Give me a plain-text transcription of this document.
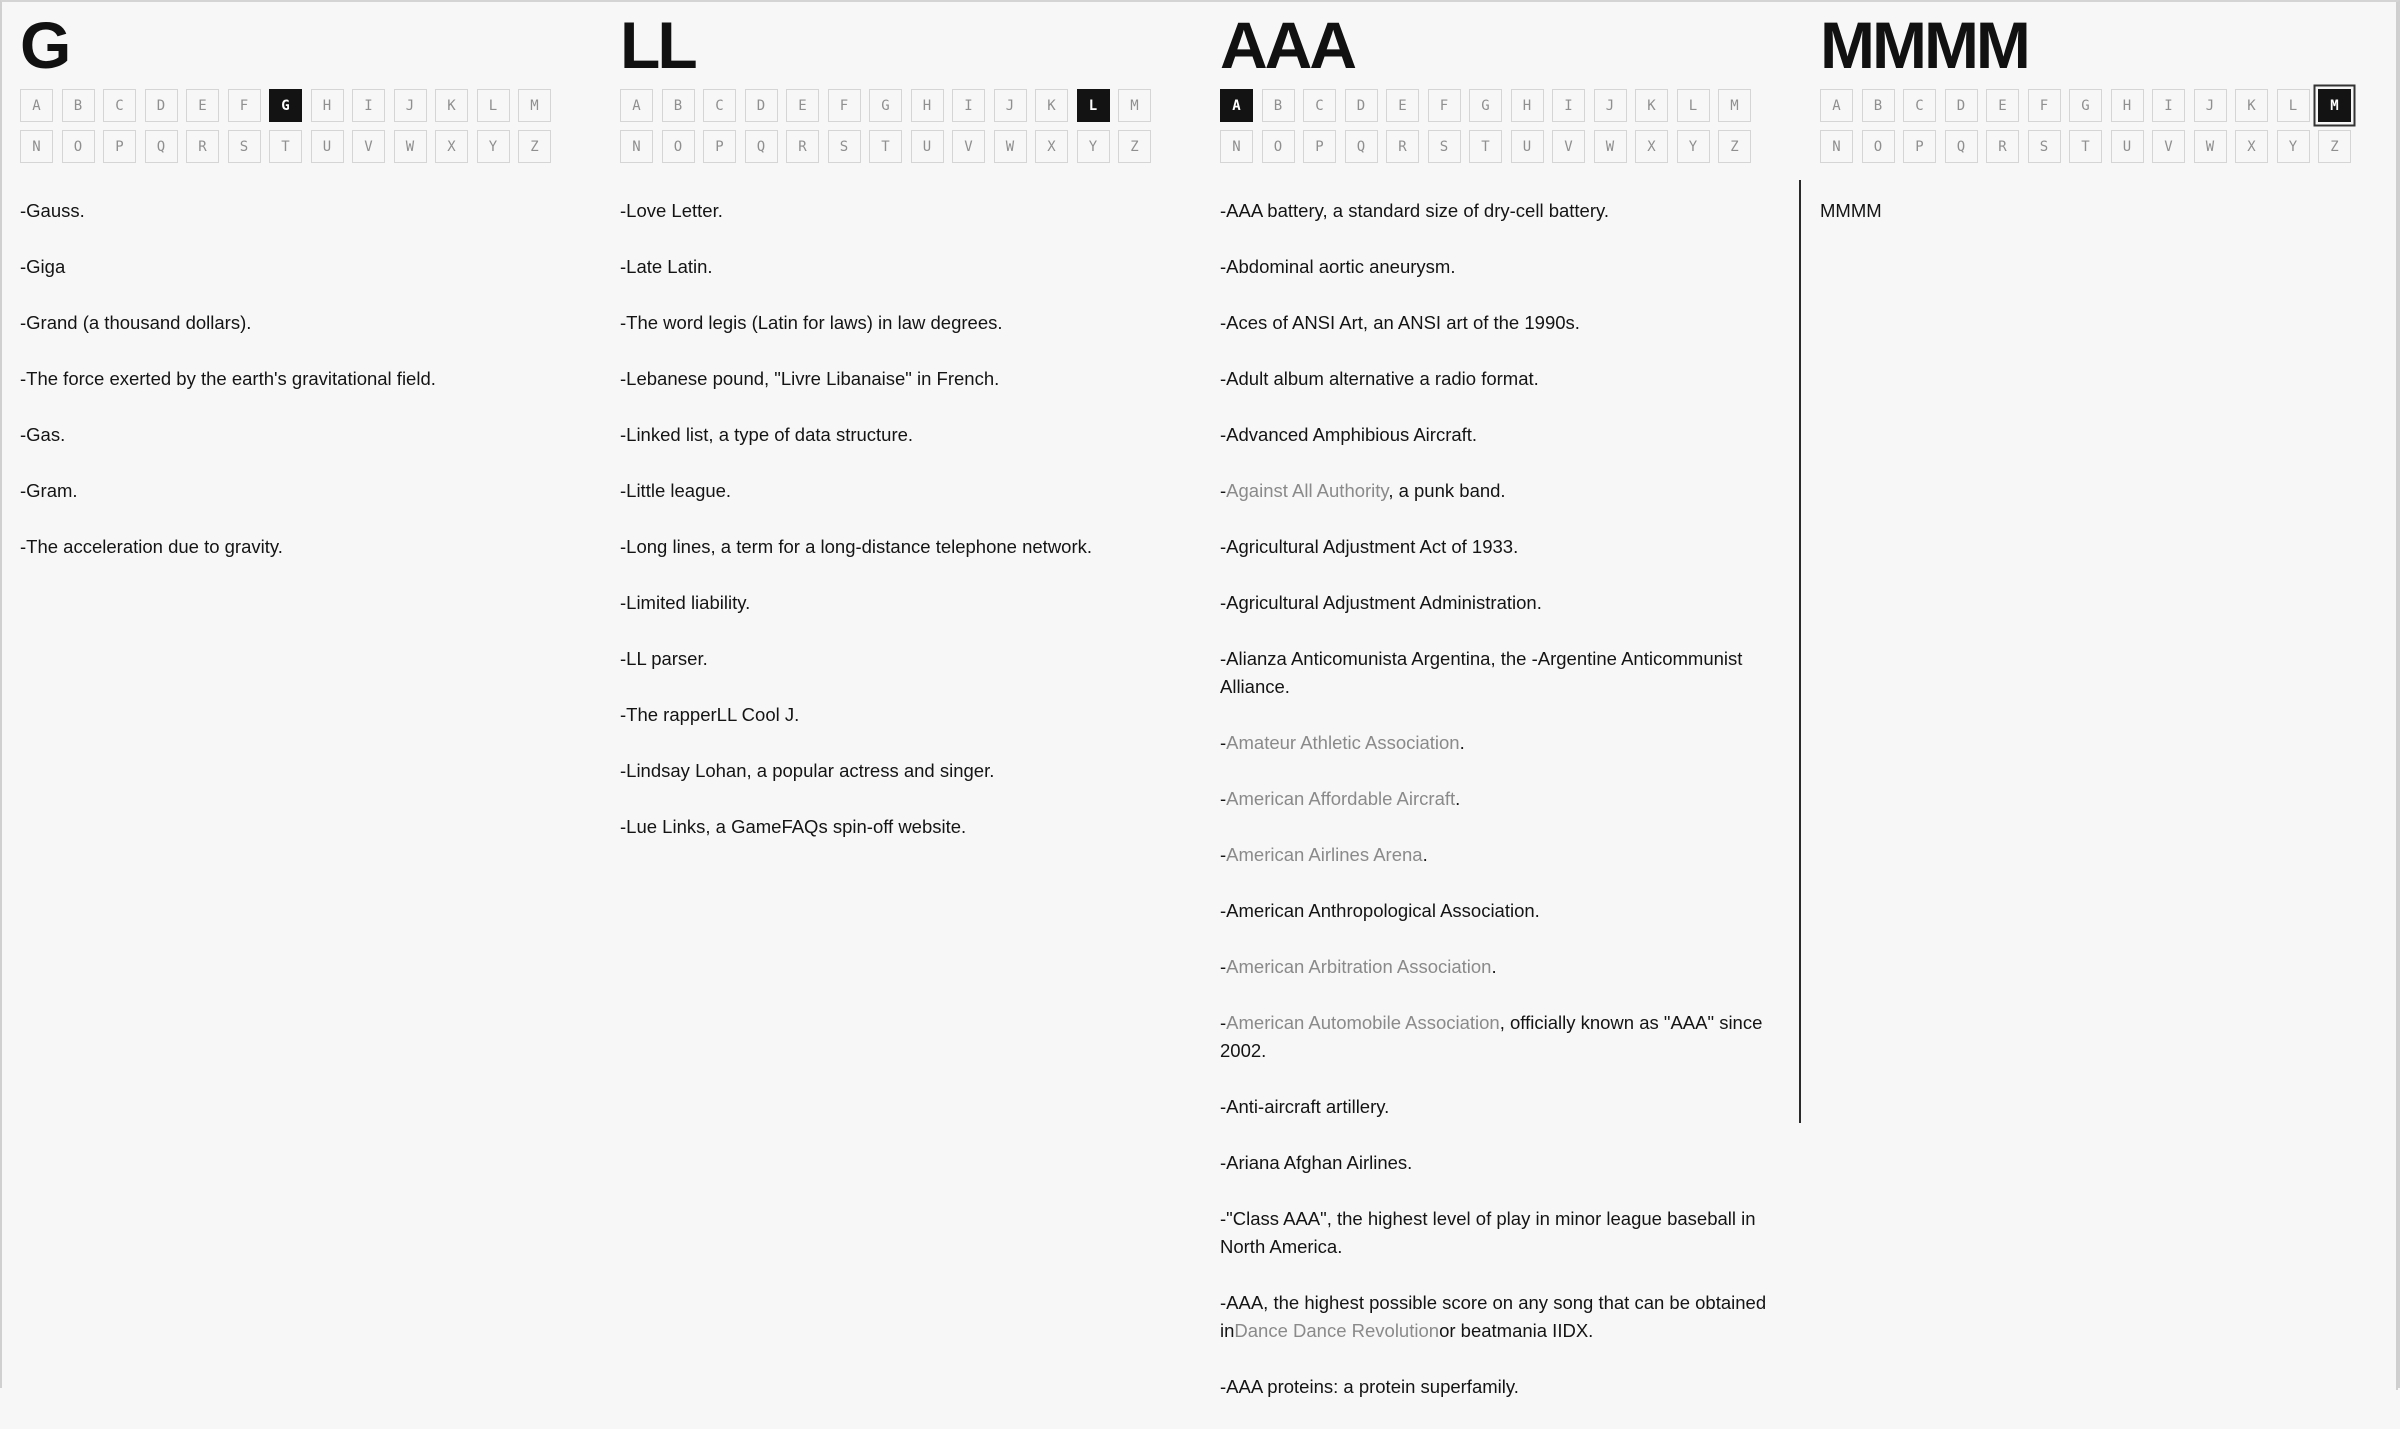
G
A	B	C	D	E	F	G	H	I	J	K	L	M
N	O	P	Q	R	S	T	U	V	W	X	Y	Z

-Gauss.

-Giga

-Grand (a thousand dollars).

-The force exerted by the earth's gravitational field.

-Gas.

-Gram.

-The acceleration due to gravity.

LL
A	B	C	D	E	F	G	H	I	J	K	L	M
N	O	P	Q	R	S	T	U	V	W	X	Y	Z

-Love Letter.

-Late Latin.

-The word legis (Latin for laws) in law degrees.

-Lebanese pound, "Livre Libanaise" in French.

-Linked list, a type of data structure.

-Little league.

-Long lines, a term for a long-distance telephone network.

-Limited liability.

-LL parser.

-The rapperLL Cool J.

-Lindsay Lohan, a popular actress and singer.

-Lue Links, a GameFAQs spin-off website.

AAA
A	B	C	D	E	F	G	H	I	J	K	L	M
N	O	P	Q	R	S	T	U	V	W	X	Y	Z

-AAA battery, a standard size of dry-cell battery.

-Abdominal aortic aneurysm.

-Aces of ANSI Art, an ANSI art of the 1990s.

-Adult album alternative a radio format.

-Advanced Amphibious Aircraft.

-Against All Authority, a punk band.

-Agricultural Adjustment Act of 1933.

-Agricultural Adjustment Administration.

-Alianza Anticomunista Argentina, the -Argentine Anticommunist Alliance.

-Amateur Athletic Association.

-American Affordable Aircraft.

-American Airlines Arena.

-American Anthropological Association.

-American Arbitration Association.

-American Automobile Association, officially known as "AAA" since 2002.

-Anti-aircraft artillery.

-Ariana Afghan Airlines.

-"Class AAA", the highest level of play in minor league baseball in North America.

-AAA, the highest possible score on any song that can be obtained inDance Dance Revolutionor beatmania IIDX.

-AAA proteins: a protein superfamily.

MMMM
A	B	C	D	E	F	G	H	I	J	K	L	M
N	O	P	Q	R	S	T	U	V	W	X	Y	Z

MMMM
